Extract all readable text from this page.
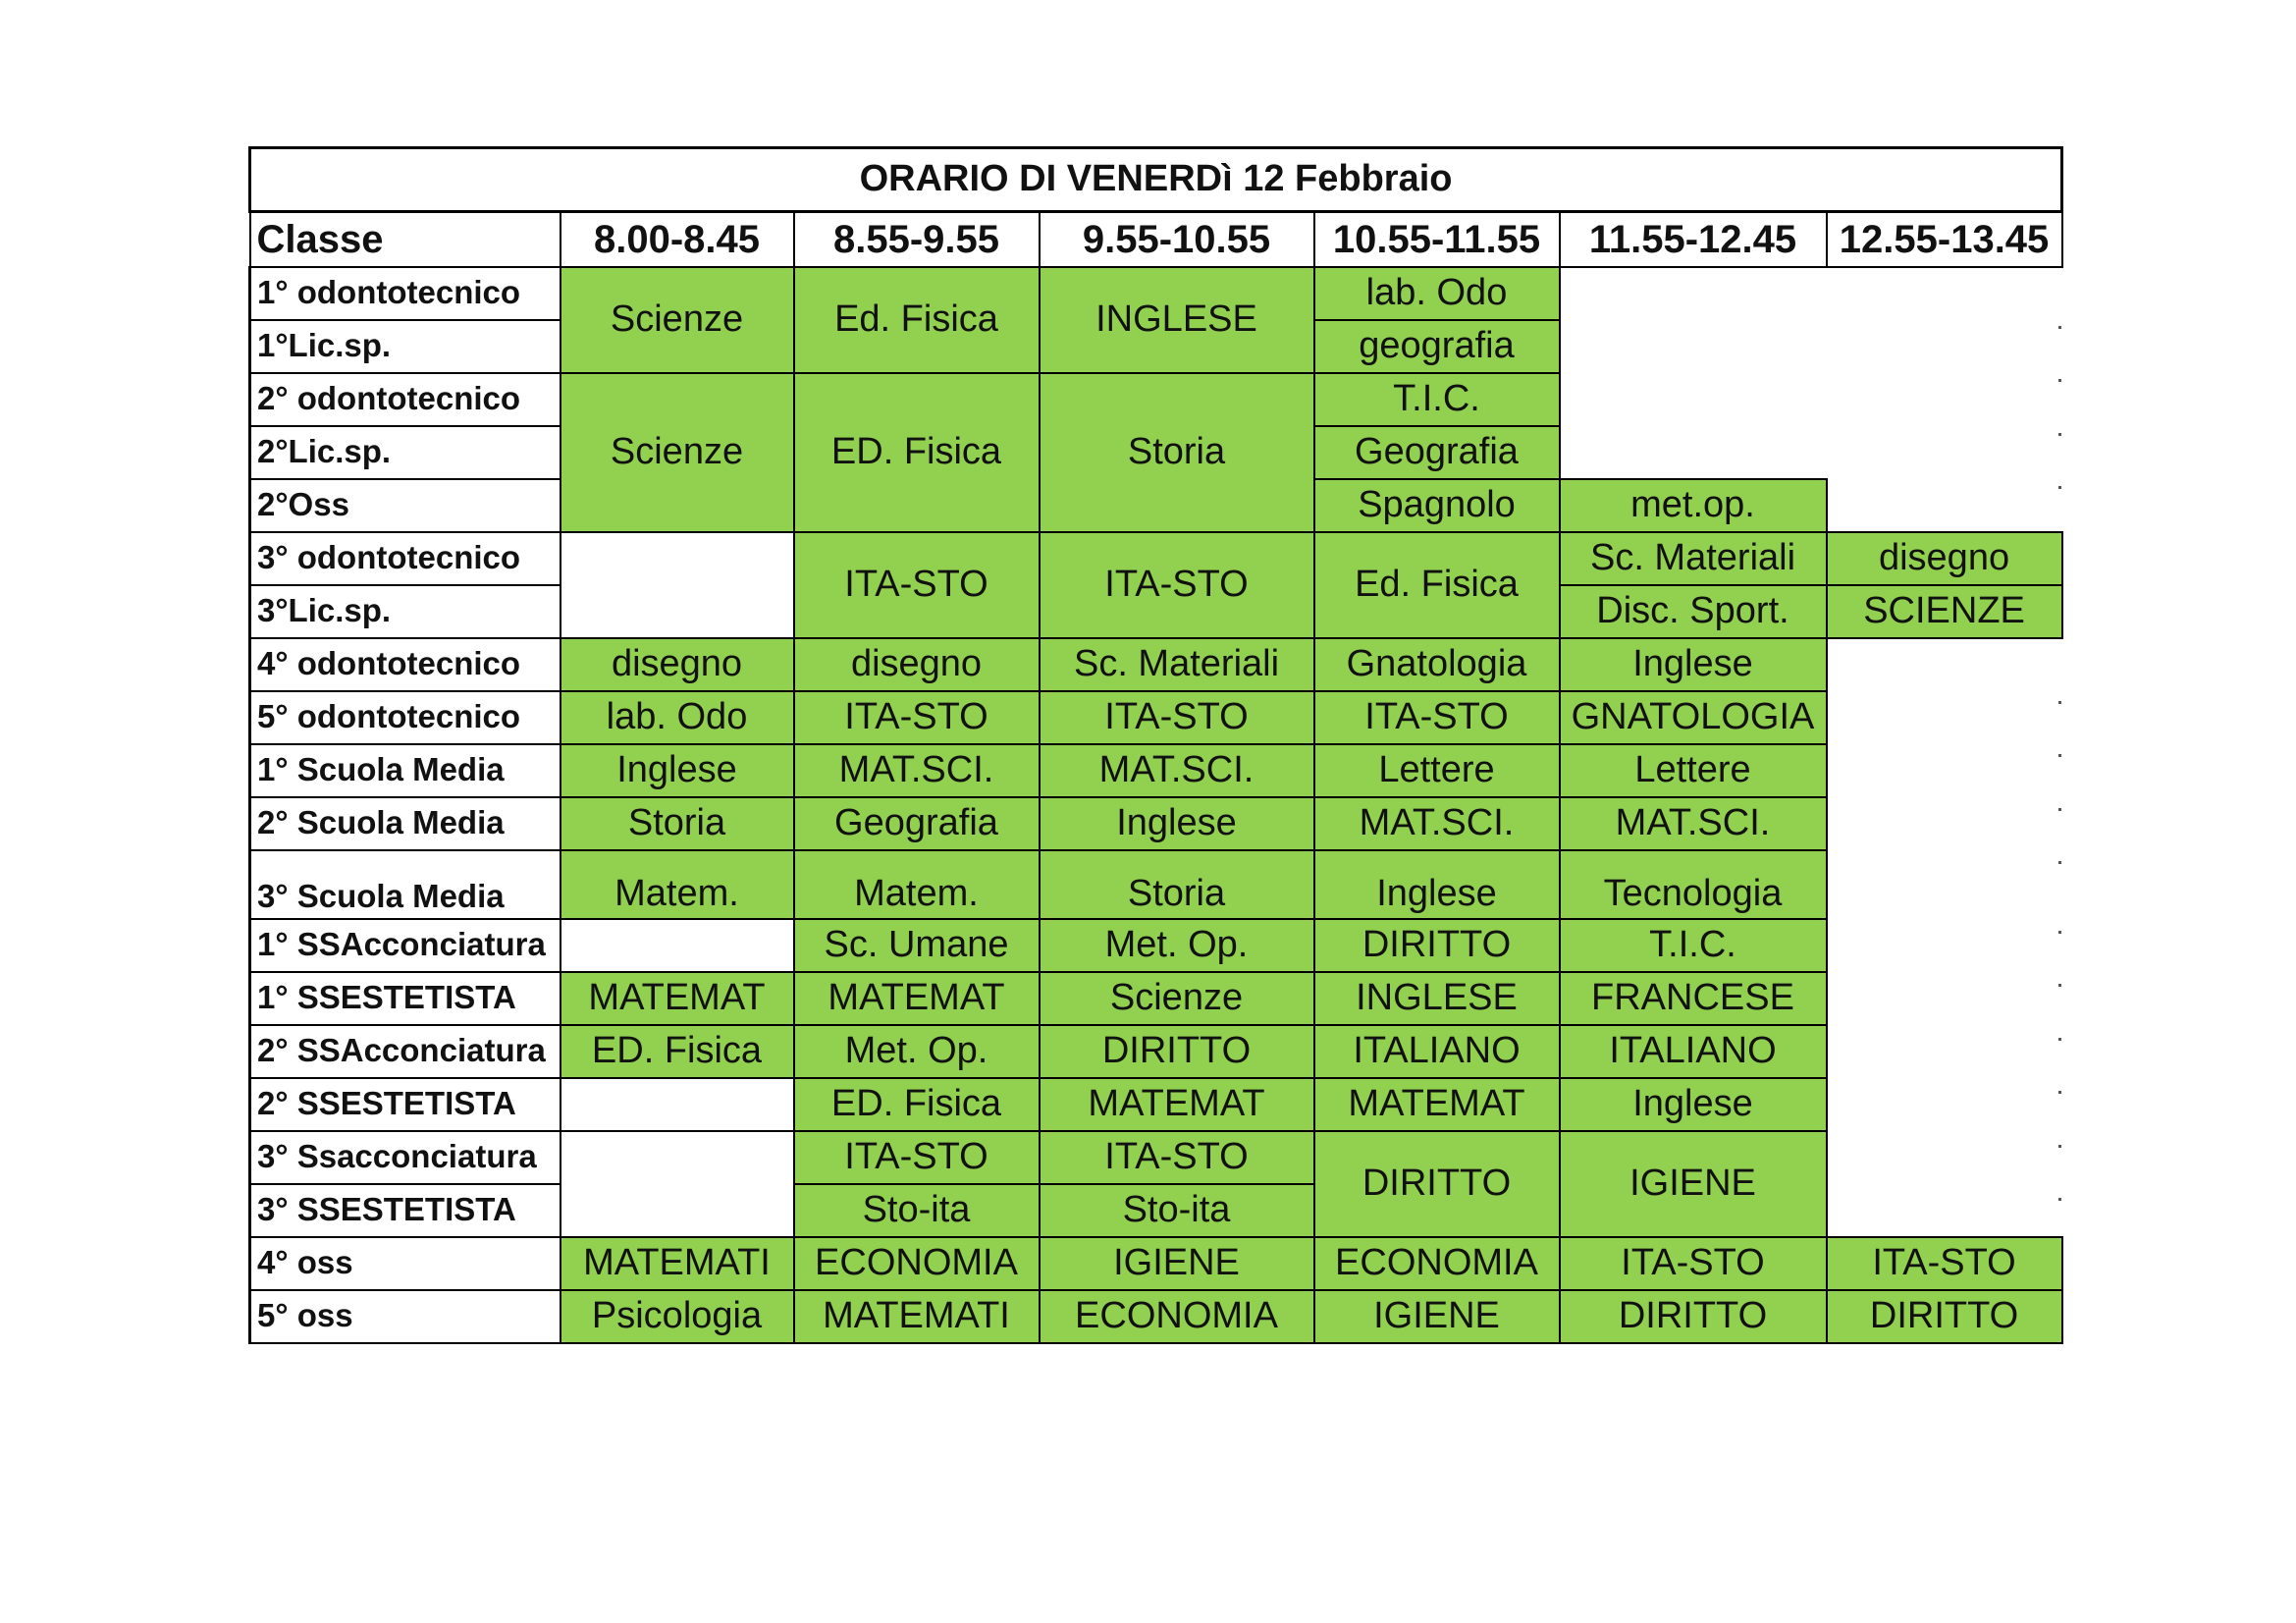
ORARIO DI VENERDì 12 Febbraio						
Classe	8.00-8.45	8.55-9.55	9.55-10.55	10.55-11.55	11.55-12.45	12.55-13.45
1° odontotecnico	Scienze	Ed. Fisica	INGLESE	lab. Odo		
1°Lic.sp.				geografia		
2° odontotecnico	Scienze	ED. Fisica	Storia	T.I.C.		
2°Lic.sp.				Geografia		
2°Oss				Spagnolo	met.op.	
3° odontotecnico		ITA-STO	ITA-STO	Ed. Fisica	Sc. Materiali	disegno
3°Lic.sp.					Disc. Sport.	SCIENZE
4° odontotecnico	disegno	disegno	Sc. Materiali	Gnatologia	Inglese	
5° odontotecnico	lab. Odo	ITA-STO	ITA-STO	ITA-STO	GNATOLOGIA	
1° Scuola Media	Inglese	MAT.SCI.	MAT.SCI.	Lettere	Lettere	
2° Scuola Media	Storia	Geografia	Inglese	MAT.SCI.	MAT.SCI.	
3° Scuola Media	Matem.	Matem.	Storia	Inglese	Tecnologia	
1° SSAcconciatura		Sc. Umane	Met. Op.	DIRITTO	T.I.C.	
1° SSESTETISTA	MATEMAT	MATEMAT	Scienze	INGLESE	FRANCESE	
2° SSAcconciatura	ED. Fisica	Met. Op.	DIRITTO	ITALIANO	ITALIANO	
2° SSESTETISTA		ED. Fisica	MATEMAT	MATEMAT	Inglese	
3° Ssacconciatura		ITA-STO	ITA-STO	DIRITTO	IGIENE	
3° SSESTETISTA		Sto-ita	Sto-ita			
4° oss	MATEMATI	ECONOMIA	IGIENE	ECONOMIA	ITA-STO	ITA-STO
5° oss	Psicologia	MATEMATI	ECONOMIA	IGIENE	DIRITTO	DIRITTO
